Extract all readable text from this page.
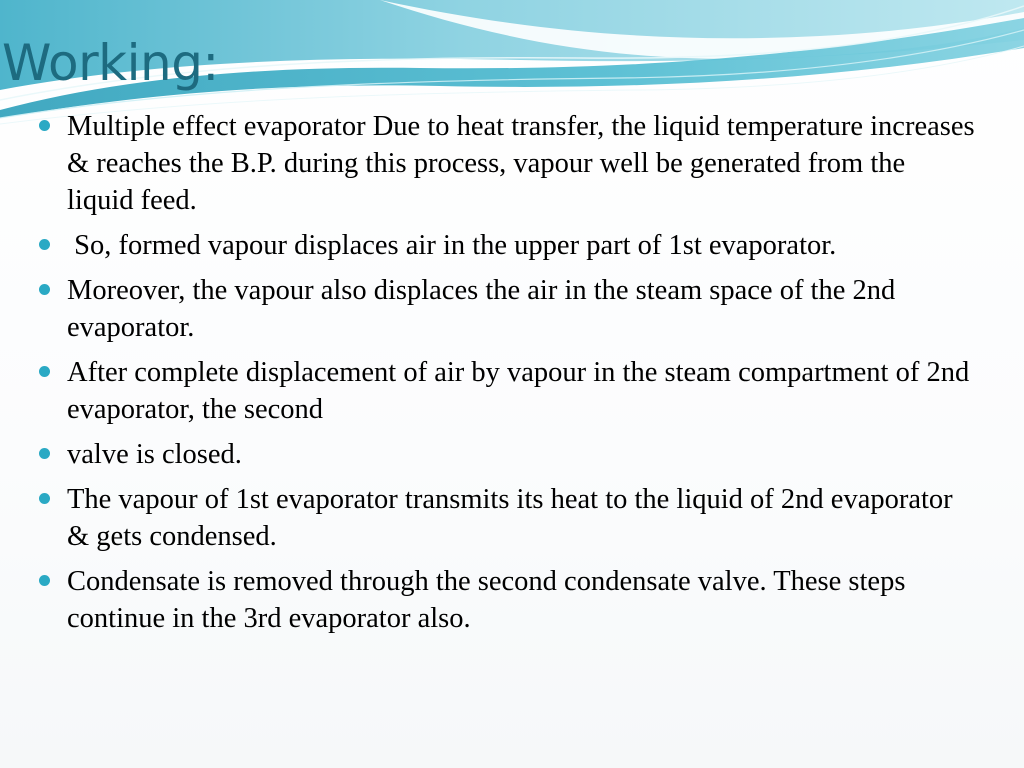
Working:
Multiple effect evaporator Due to heat transfer, the liquid temperature increases & reaches the B.P. during this process, vapour well be generated from the liquid feed.
So, formed vapour displaces air in the upper part of 1st evaporator.
Moreover, the vapour also displaces the air in the steam space of the 2nd evaporator.
After complete displacement of air by vapour in the steam compartment of 2nd evaporator, the second
valve is closed.
The vapour of 1st evaporator transmits its heat to the liquid of 2nd evaporator & gets condensed.
Condensate is removed through the second condensate valve. These steps continue in the 3rd evaporator also.
